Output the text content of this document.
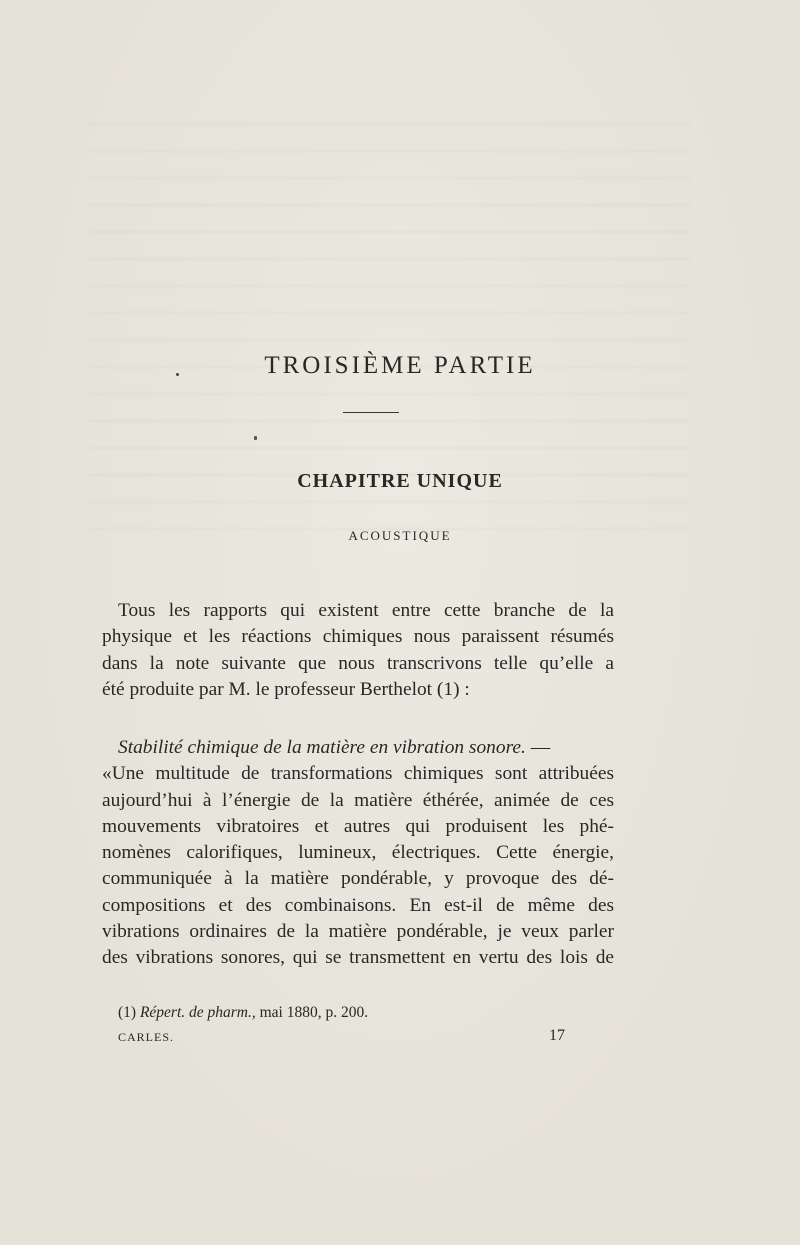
TROISIÈME PARTIE
CHAPITRE UNIQUE
ACOUSTIQUE
Tous les rapports qui existent entre cette branche de la
physique et les réactions chimiques nous paraissent résumés
dans la note suivante que nous transcrivons telle qu’elle a
été produite par M. le professeur Berthelot (1) :
Stabilité chimique de la matière en vibration sonore. —
«Une multitude de transformations chimiques sont attribuées
aujourd’hui à l’énergie de la matière éthérée, animée de ces
mouvements vibratoires et autres qui produisent les phé-
nomènes calorifiques, lumineux, électriques. Cette énergie,
communiquée à la matière pondérable, y provoque des dé-
compositions et des combinaisons. En est-il de même des
vibrations ordinaires de la matière pondérable, je veux parler
des vibrations sonores, qui se transmettent en vertu des lois de
(1) Répert. de pharm., mai 1880, p. 200.
CARLES.	17
